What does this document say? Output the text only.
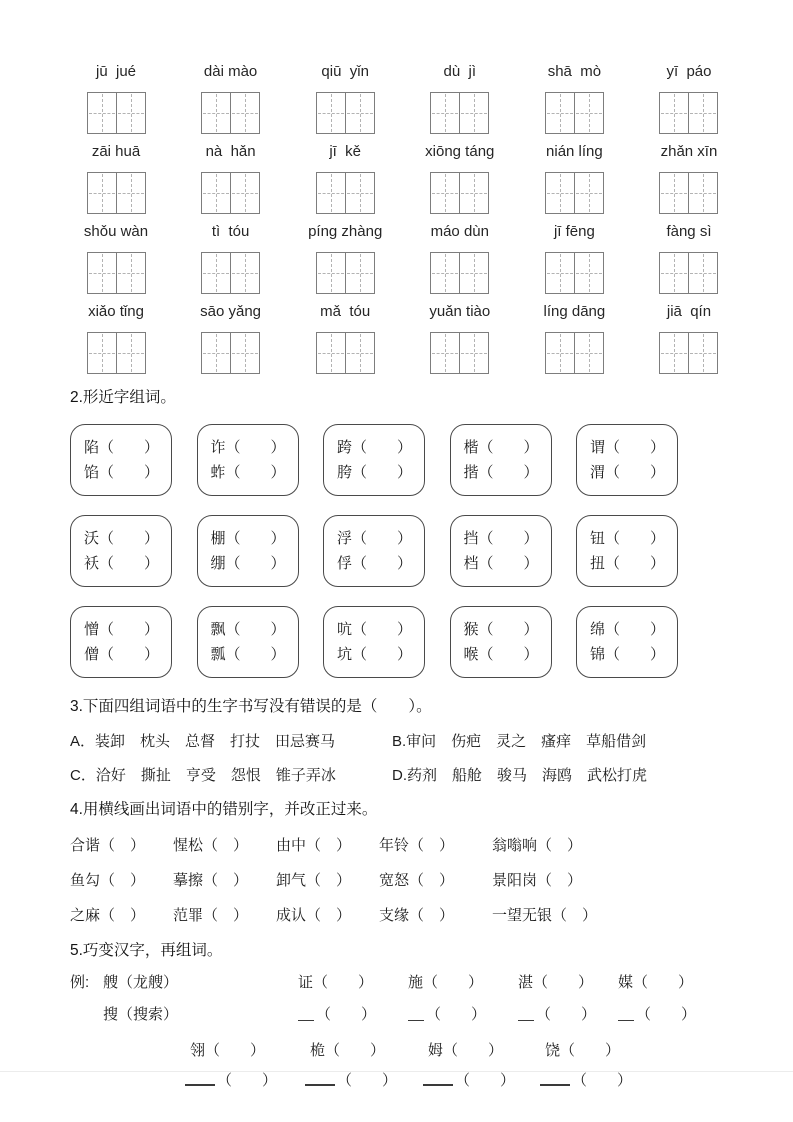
jū  jué	dài mào	qiū  yǐn	dù  jì	shā  mò	yī  páo
zāi huā	nà  hǎn	jī  kě	xiōng táng	nián líng	zhǎn xīn
shǒu wàn	tì  tóu	píng zhàng	máo dùn	jī fēng	fàng sì
xiǎo tǐng	sāo yǎng	mǎ  tóu	yuǎn tiào	líng dāng	jiā  qín
2.形近字组词。
陷（　　）
馅（　　）
诈（　　）
蚱（　　）
跨（　　）
胯（　　）
楷（　　）
揩（　　）
谓（　　）
渭（　　）
沃（　　）
袄（　　）
棚（　　）
绷（　　）
浮（　　）
俘（　　）
挡（　　）
档（　　）
钮（　　）
扭（　　）
憎（　　）
僧（　　）
飘（　　）
瓢（　　）
吭（　　）
坑（　　）
猴（　　）
喉（　　）
绵（　　）
锦（　　）
3.下面四组词语中的生字书写没有错误的是（　　）。
A．装卸　枕头　总督　打扙　田忌赛马	B.审问　伤疤　灵之　瘙痒　草船借剑
C．洽好　撕扯　亨受　怨恨　锥子弄冰	D.药剂　船舱　骏马　海鸥　武松打虎
4.用横线画出词语中的错别字，并改正过来。
合谐（　）	惺松（　）	由中（　）	年铃（　）	翁嗡响（　）
鱼勾（　）	摹擦（　）	卸气（　）	宽怒（　）	景阳岗（　）
之麻（　）	范罪（　）	成认（　）	支缘（　）	一望无银（　）
5.巧变汉字，再组词。
例: 艘（龙艘）	证（　　） 施（　　） 湛（　　） 媒（　　）
搜（搜索）	（　　）	（　　）	（　　）	（　　）
翎（　　）	桅（　　）	姆（　　）	饶（　　）
（　　）	（　　）	（　　）	（　　）
